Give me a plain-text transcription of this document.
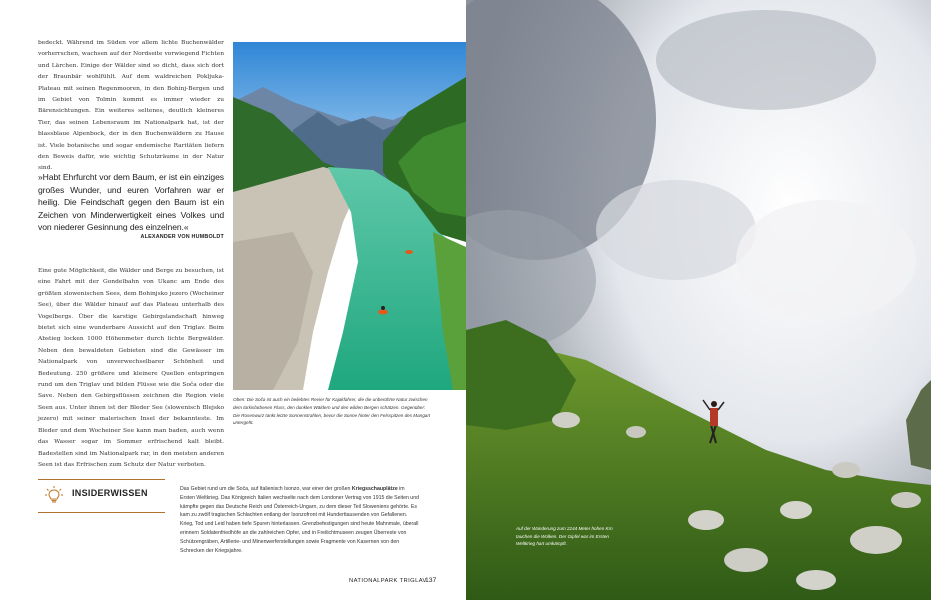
bedeckt. Während im Süden vor allem lichte Buchenwälder vorherrschen, wachsen auf der Nordseite vorwiegend Fichten und Lärchen. Einige der Wälder sind so dicht, dass sich dort der Braunbär wohlfühlt. Auf dem waldreichen Pokljuka-Plateau mit seinen Regenmooren, in den Bohinj-Bergen und im Gebiet von Tolmin kommt es immer wieder zu Bärensichtungen. Ein weiteres seltenes, deutlich kleineres Tier, das seinen Lebensraum im Nationalpark hat, ist der blassblaue Alpenbock, der in den Buchenwäldern zu Hause ist. Viele botanische und sogar endemische Raritäten liefern den Beweis dafür, wie wichtig Schutzräume in der Natur sind.

»Habt Ehrfurcht vor dem Baum, er ist ein einziges großes Wunder, und euren Vorfahren war er heilig. Die Feindschaft gegen den Baum ist ein Zeichen von Minderwertigkeit eines Volkes und von niederer Gesinnung des einzelnen.«

ALEXANDER VON HUMBOLDT

Eine gute Möglichkeit, die Wälder und Berge zu besuchen, ist eine Fahrt mit der Gondelbahn von Ukanc am Ende des größten slowenischen Sees, dem Bohinjsko jezero (Wocheiner See), über die Wälder hinauf auf das Plateau unterhalb des Vogelbergs. Über die karstige Gebirgslandschaft hinweg bietet sich eine wunderbare Aussicht auf den Triglav. Beim Abstieg locken 1000 Höhenmeter durch lichte Bergwälder. Neben den bewaldeten Gebieten sind die Gewässer im Nationalpark von unverwechselbarer Schönheit und Bedeutung. 250 größere und kleinere Quellen entspringen rund um den Triglav und bilden Flüsse wie die Soča oder die Save. Neben den Gebirgsflüssen zeichnen die Region viele Seen aus. Unter ihnen ist der Bleder See (slowenisch Blejsko jezero) mit seiner malerischen Insel der bekannteste. Im Bleder und dem Wocheiner See kann man baden, auch wenn das Wasser sogar im Sommer erfrischend kalt bleibt. Badestellen sind im Nationalpark rar, in den meisten anderen Seen ist das Erfrischen zum Schutz der Natur verboten.

Oben: Die Soča ist auch ein beliebtes Revier für Kajakfahrer, die die unberührte Natur zwischen dem türkisfarbenen Fluss, den dunklen Wäldern und den wilden Bergen schätzen. Gegenüber: Die Rosenwurz tankt letzte Sonnenstrahlen, bevor die Sonne hinter den Felsspitzen des Mangart untergeht.

INSIDERWISSEN	Das Gebiet rund um die Soča, auf Italienisch Isonzo, war einer der großen Kriegsschauplätze im Ersten Weltkrieg. Das Königreich Italien wechselte nach dem Londoner Vertrag von 1915 die Seiten und kämpfte gegen das Deutsche Reich und Österreich-Ungarn, zu dem dieser Teil Sloweniens gehörte. Es kam zu zwölf tragischen Schlachten entlang der Isonzofront mit Hunderttausenden von Gefallenen. Krieg, Tod und Leid haben tiefe Spuren hinterlassen. Grenzbefestigungen sind heute Mahnmale, überall erinnern Soldatenfriedhöfe an die zahlreichen Opfer, und in Freilichtmuseen zeugen Überreste von Schützengräben, Artillerie- und Minenwerferstellungen sowie Fragmente von Kasernen von den Schrecken der Kriegsjahre.

NATIONALPARK TRIGLAV
137

Auf der Wanderung zum 2244 Meter hohen Krn tauchen die Wolken. Der Gipfel war im Ersten Weltkrieg hart umkämpft.
